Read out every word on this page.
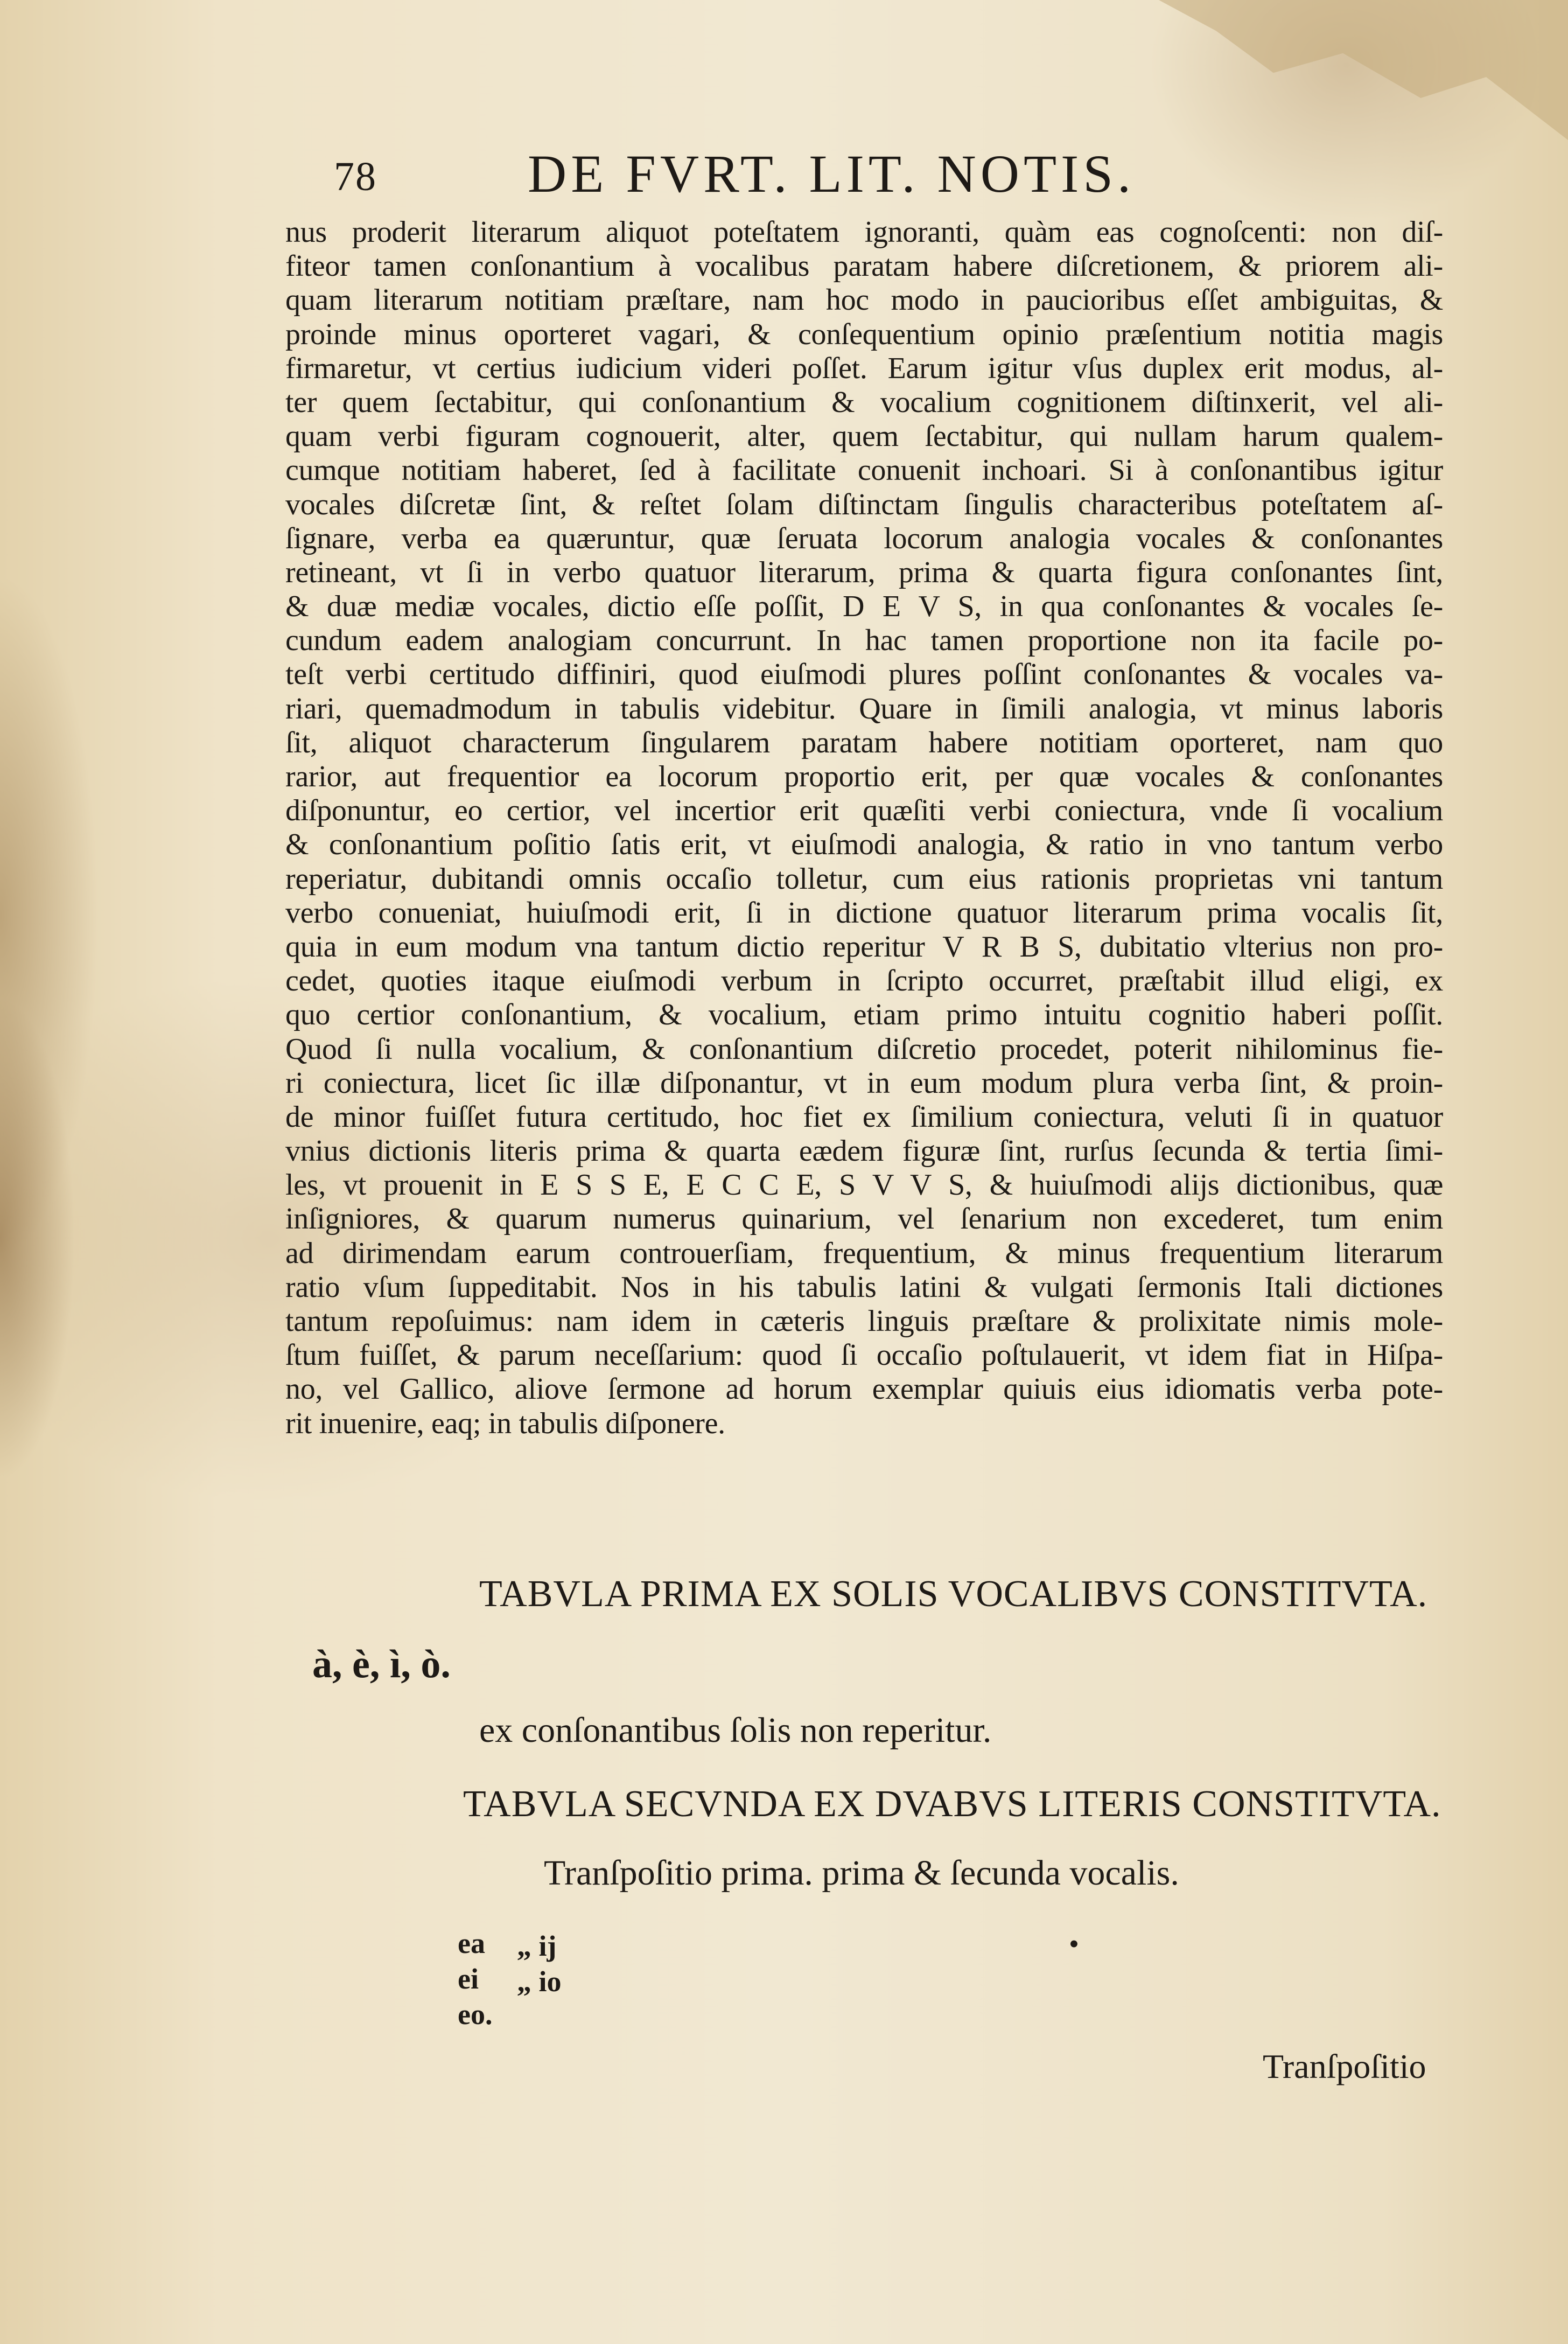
78	DE FVRT. LIT. NOTIS.
nus proderit literarum aliquot poteſtatem ignoranti, quàm eas cognoſcenti: non diſ-
fiteor tamen conſonantium à vocalibus paratam habere diſcretionem, & priorem ali-
quam literarum notitiam præſtare, nam hoc modo in paucioribus eſſet ambiguitas, &
proinde minus oporteret vagari, & conſequentium opinio præſentium notitia magis
firmaretur, vt certius iudicium videri poſſet. Earum igitur vſus duplex erit modus, al-
ter quem ſectabitur, qui conſonantium & vocalium cognitionem diſtinxerit, vel ali-
quam verbi figuram cognouerit, alter, quem ſectabitur, qui nullam harum qualem-
cumque notitiam haberet, ſed à facilitate conuenit inchoari. Si à conſonantibus igitur
vocales diſcretæ ſint, & reſtet ſolam diſtinctam ſingulis characteribus poteſtatem aſ-
ſignare, verba ea quæruntur, quæ ſeruata locorum analogia vocales & conſonantes
retineant, vt ſi in verbo quatuor literarum, prima & quarta figura conſonantes ſint,
& duæ mediæ vocales, dictio eſſe poſſit, D E V S, in qua conſonantes & vocales ſe-
cundum eadem analogiam concurrunt. In hac tamen proportione non ita facile po-
teſt verbi certitudo diffiniri, quod eiuſmodi plures poſſint conſonantes & vocales va-
riari, quemadmodum in tabulis videbitur. Quare in ſimili analogia, vt minus laboris
ſit, aliquot characterum ſingularem paratam habere notitiam oporteret, nam quo
rarior, aut frequentior ea locorum proportio erit, per quæ vocales & conſonantes
diſponuntur, eo certior, vel incertior erit quæſiti verbi coniectura, vnde ſi vocalium
& conſonantium poſitio ſatis erit, vt eiuſmodi analogia, & ratio in vno tantum verbo
reperiatur, dubitandi omnis occaſio tolletur, cum eius rationis proprietas vni tantum
verbo conueniat, huiuſmodi erit, ſi in dictione quatuor literarum prima vocalis ſit,
quia in eum modum vna tantum dictio reperitur V R B S, dubitatio vlterius non pro-
cedet, quoties itaque eiuſmodi verbum in ſcripto occurret, præſtabit illud eligi, ex
quo certior conſonantium, & vocalium, etiam primo intuitu cognitio haberi poſſit.
Quod ſi nulla vocalium, & conſonantium diſcretio procedet, poterit nihilominus fie-
ri coniectura, licet ſic illæ diſponantur, vt in eum modum plura verba ſint, & proin-
de minor fuiſſet futura certitudo, hoc fiet ex ſimilium coniectura, veluti ſi in quatuor
vnius dictionis literis prima & quarta eædem figuræ ſint, rurſus ſecunda & tertia ſimi-
les, vt prouenit in E S S E, E C C E, S V V S, & huiuſmodi alijs dictionibus, quæ
inſigniores, & quarum numerus quinarium, vel ſenarium non excederet, tum enim
ad dirimendam earum controuerſiam, frequentium, & minus frequentium literarum
ratio vſum ſuppeditabit. Nos in his tabulis latini & vulgati ſermonis Itali dictiones
tantum repoſuimus: nam idem in cæteris linguis præſtare & prolixitate nimis mole-
ſtum fuiſſet, & parum neceſſarium: quod ſi occaſio poſtulauerit, vt idem fiat in Hiſpa-
no, vel Gallico, aliove ſermone ad horum exemplar quiuis eius idiomatis verba pote-
rit inuenire, eaq; in tabulis diſponere.
TABVLA PRIMA EX SOLIS VOCALIBVS CONSTITVTA.
à, è, ì, ò.
ex conſonantibus ſolis non reperitur.
TABVLA SECVNDA EX DVABVS LITERIS CONSTITVTA.
Tranſpoſitio prima. prima & ſecunda vocalis.
ea
ei
eo.
„ ij
„ io
•
Tranſpoſitio
